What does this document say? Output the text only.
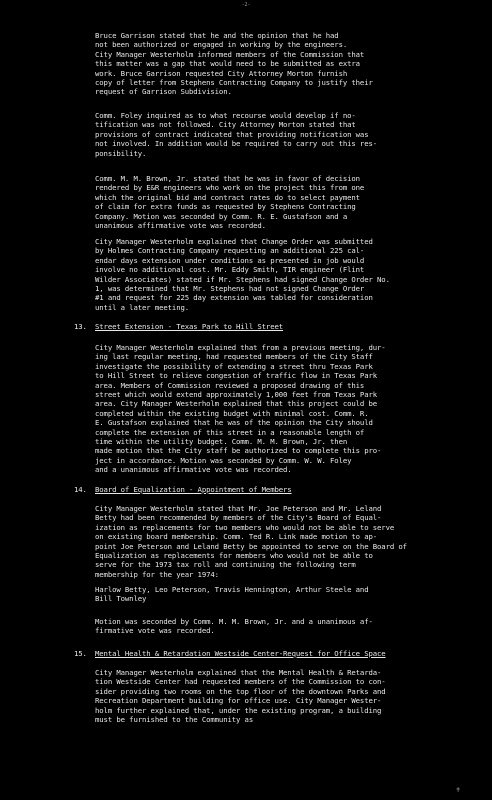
-2-
Bruce Garrison stated that he and the opinion that he had
not been authorized or engaged in working by the engineers.
City Manager Westerholm informed members of the Commission that
this matter was a gap that would need to be submitted as extra
work. Bruce Garrison requested City Attorney Morton furnish
copy of letter from Stephens Contracting Company to justify their
request of Garrison Subdivision.
Comm. Foley inquired as to what recourse would develop if no-
tification was not followed. City Attorney Morton stated that
provisions of contract indicated that providing notification was
not involved. In addition would be required to carry out this res-
ponsibility.
Comm. M. M. Brown, Jr. stated that he was in favor of decision
rendered by E&R engineers who work on the project this from one
which the original bid and contract rates do to select payment
of claim for extra funds as requested by Stephens Contracting
Company. Motion was seconded by Comm. R. E. Gustafson and a
unanimous affirmative vote was recorded.
City Manager Westerholm explained that Change Order was submitted
by Holmes Contracting Company requesting an additional 225 cal-
endar days extension under conditions as presented in job would
involve no additional cost. Mr. Eddy Smith, TIR engineer (Flint
Wilder Associates) stated if Mr. Stephens had signed Change Order No.
1, was determined that Mr. Stephens had not signed Change Order
#1 and request for 225 day extension was tabled for consideration
until a later meeting.
13. Street Extension - Texas Park to Hill Street
City Manager Westerholm explained that from a previous meeting, dur-
ing last regular meeting, had requested members of the City Staff
investigate the possibility of extending a street thru Texas Park
to Hill Street to relieve congestion of traffic flow in Texas Park
area. Members of Commission reviewed a proposed drawing of this
street which would extend approximately 1,000 feet from Texas Park
area. City Manager Westerholm explained that this project could be
completed within the existing budget with minimal cost. Comm. R.
E. Gustafson explained that he was of the opinion the City should
complete the extension of this street in a reasonable length of
time within the utility budget. Comm. M. M. Brown, Jr. then
made motion that the City staff be authorized to complete this pro-
ject in accordance. Motion was seconded by Comm. W. W. Foley
and a unanimous affirmative vote was recorded.
14. Board of Equalization - Appointment of Members
City Manager Westerholm stated that Mr. Joe Peterson and Mr. Leland
Betty had been recommended by members of the City's Board of Equal-
ization as replacements for two members who would not be able to serve
on existing board membership. Comm. Ted R. Link made motion to ap-
point Joe Peterson and Leland Betty be appointed to serve on the Board of
Equalization as replacements for members who would not be able to
serve for the 1973 tax roll and continuing the following term
membership for the year 1974:
Harlow Betty, Leo Peterson, Travis Hennington, Arthur Steele and
Bill Townley
Motion was seconded by Comm. M. M. Brown, Jr. and a unanimous af-
firmative vote was recorded.
15. Mental Health & Retardation Westside Center-Request for Office Space
City Manager Westerholm explained that the Mental Health & Retarda-
tion Westside Center had requested members of the Commission to con-
sider providing two rooms on the top floor of the downtown Parks and
Recreation Department building for office use. City Manager Wester-
holm further explained that, under the existing program, a building
must be furnished to the Community as
ǂ
